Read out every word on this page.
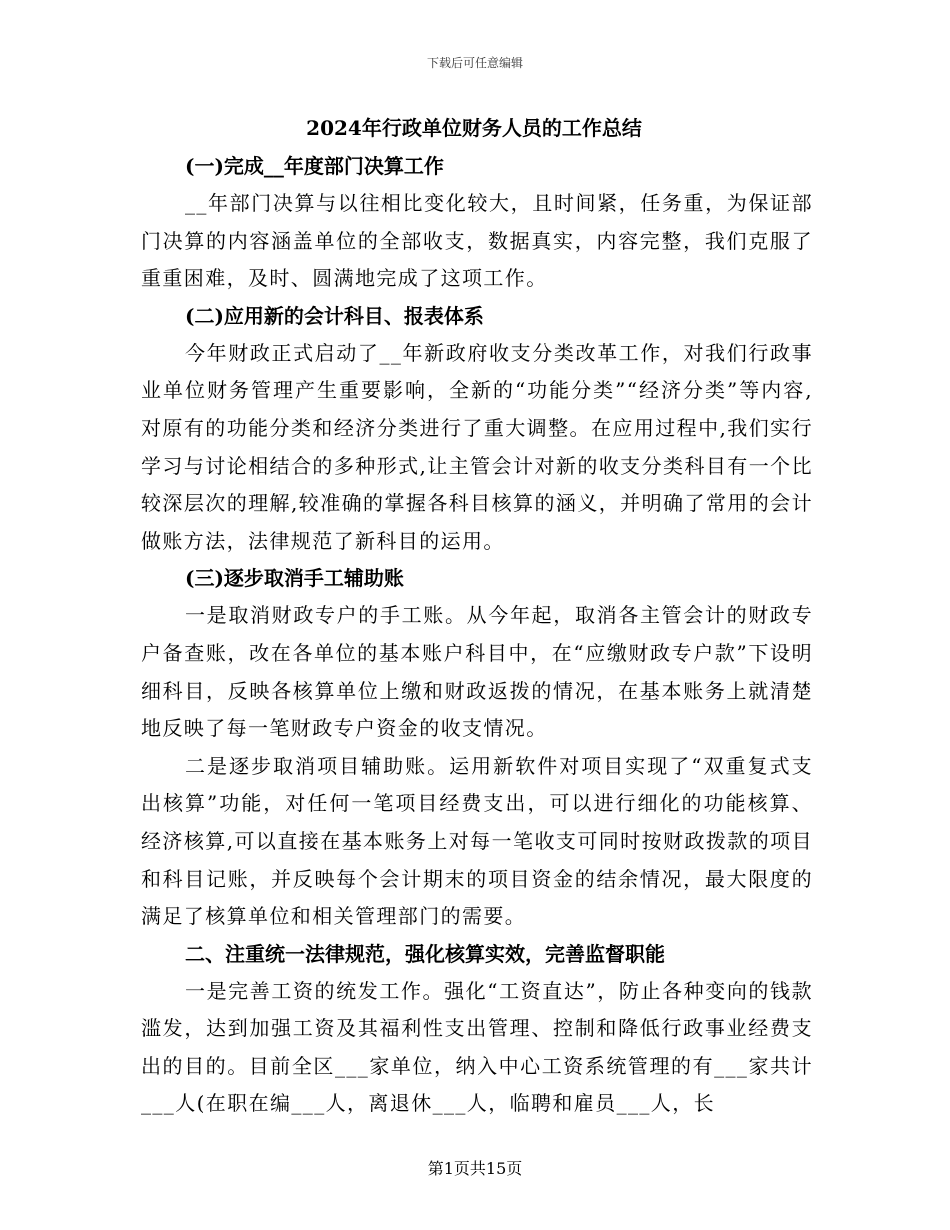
下载后可任意编辑
2024年行政单位财务人员的工作总结

(一)完成__年度部门决算工作

__年部门决算与以往相比变化较大，且时间紧，任务重，为保证部门决算的内容涵盖单位的全部收支，数据真实，内容完整，我们克服了重重困难，及时、圆满地完成了这项工作。

(二)应用新的会计科目、报表体系

今年财政正式启动了__年新政府收支分类改革工作，对我们行政事业单位财务管理产生重要影响，全新的“功能分类”“经济分类”等内容,对原有的功能分类和经济分类进行了重大调整。在应用过程中,我们实行学习与讨论相结合的多种形式,让主管会计对新的收支分类科目有一个比较深层次的理解,较准确的掌握各科目核算的涵义，并明确了常用的会计做账方法，法律规范了新科目的运用。

(三)逐步取消手工辅助账

一是取消财政专户的手工账。从今年起，取消各主管会计的财政专户备查账，改在各单位的基本账户科目中，在“应缴财政专户款”下设明细科目，反映各核算单位上缴和财政返拨的情况，在基本账务上就清楚地反映了每一笔财政专户资金的收支情况。

二是逐步取消项目辅助账。运用新软件对项目实现了“双重复式支出核算”功能，对任何一笔项目经费支出，可以进行细化的功能核算、经济核算,可以直接在基本账务上对每一笔收支可同时按财政拨款的项目和科目记账，并反映每个会计期末的项目资金的结余情况，最大限度的满足了核算单位和相关管理部门的需要。

二、注重统一法律规范，强化核算实效，完善监督职能

一是完善工资的统发工作。强化“工资直达”，防止各种变向的钱款滥发，达到加强工资及其福利性支出管理、控制和降低行政事业经费支出的目的。目前全区___家单位，纳入中心工资系统管理的有___家共计___人(在职在编___人，离退休___人，临聘和雇员___人，长

第1页共15页
